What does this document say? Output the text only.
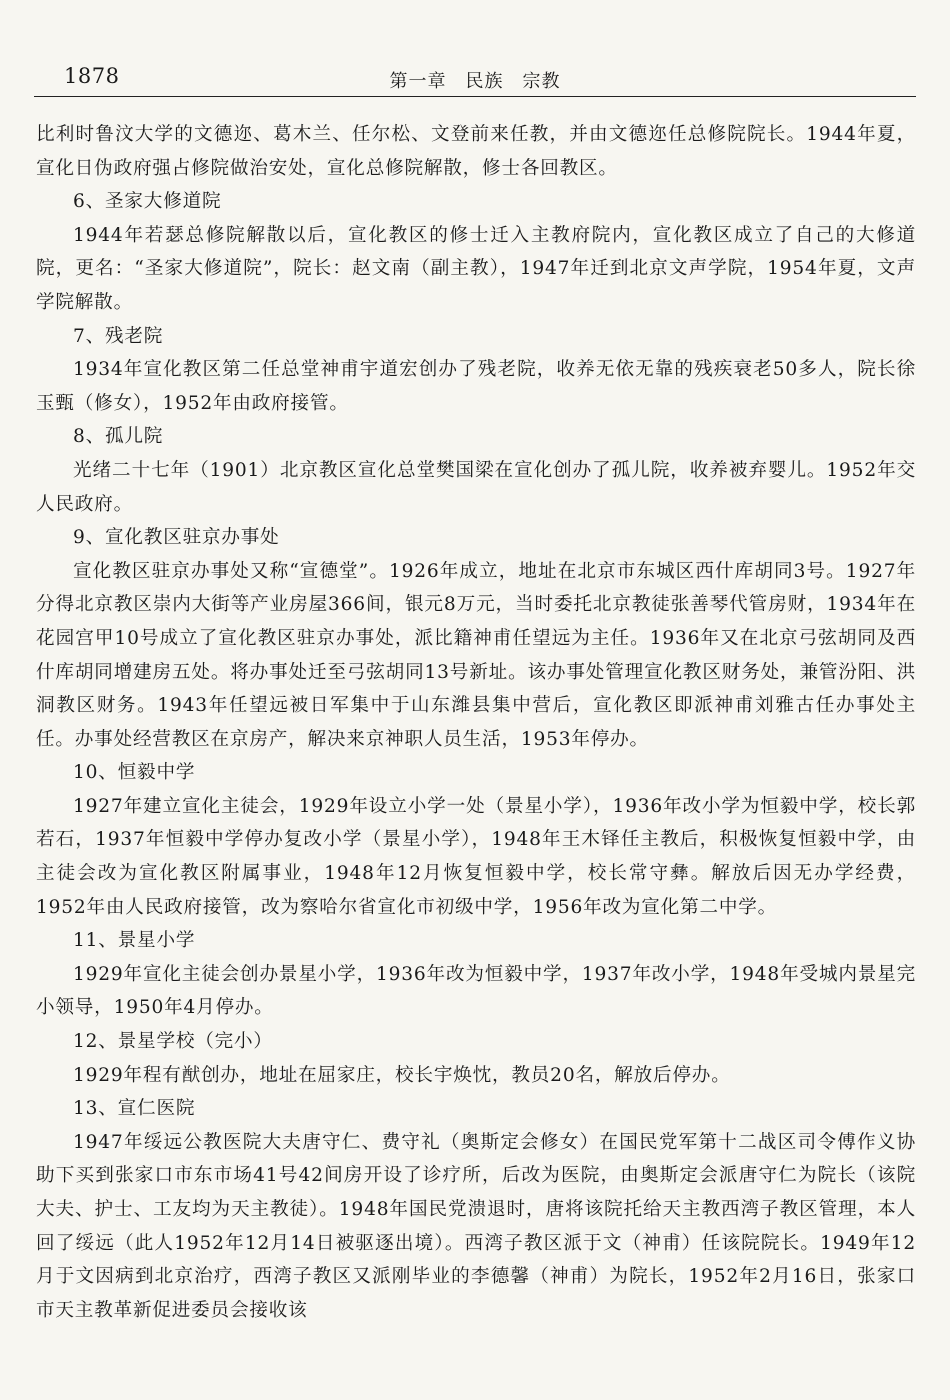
1878	第一章　民族　宗教

比利时鲁汶大学的文德迩、葛木兰、任尔松、文登前来任教，并由文德迩任总修院院长。1944年夏，宣化日伪政府强占修院做治安处，宣化总修院解散，修士各回教区。

6、圣家大修道院

1944年若瑟总修院解散以后，宣化教区的修士迁入主教府院内，宣化教区成立了自己的大修道院，更名：“圣家大修道院”，院长：赵文南（副主教），1947年迁到北京文声学院，1954年夏，文声学院解散。

7、残老院

1934年宣化教区第二任总堂神甫宇道宏创办了残老院，收养无依无靠的残疾衰老50多人，院长徐玉甄（修女），1952年由政府接管。

8、孤儿院

光绪二十七年（1901）北京教区宣化总堂樊国梁在宣化创办了孤儿院，收养被弃婴儿。1952年交人民政府。

9、宣化教区驻京办事处

宣化教区驻京办事处又称“宣德堂”。1926年成立，地址在北京市东城区西什库胡同3号。1927年分得北京教区崇内大街等产业房屋366间，银元8万元，当时委托北京教徒张善琴代管房财，1934年在花园宫甲10号成立了宣化教区驻京办事处，派比籍神甫任望远为主任。1936年又在北京弓弦胡同及西什库胡同增建房五处。将办事处迁至弓弦胡同13号新址。该办事处管理宣化教区财务处，兼管汾阳、洪洞教区财务。1943年任望远被日军集中于山东潍县集中营后，宣化教区即派神甫刘雅古任办事处主任。办事处经营教区在京房产，解决来京神职人员生活，1953年停办。

10、恒毅中学

1927年建立宣化主徒会，1929年设立小学一处（景星小学），1936年改小学为恒毅中学，校长郭若石，1937年恒毅中学停办复改小学（景星小学），1948年王木铎任主教后，积极恢复恒毅中学，由主徒会改为宣化教区附属事业，1948年12月恢复恒毅中学，校长常守彝。解放后因无办学经费，1952年由人民政府接管，改为察哈尔省宣化市初级中学，1956年改为宣化第二中学。

11、景星小学

1929年宣化主徒会创办景星小学，1936年改为恒毅中学，1937年改小学，1948年受城内景星完小领导，1950年4月停办。

12、景星学校（完小）

1929年程有猷创办，地址在屈家庄，校长宇焕忱，教员20名，解放后停办。

13、宣仁医院

1947年绥远公教医院大夫唐守仁、费守礼（奥斯定会修女）在国民党军第十二战区司令傅作义协助下买到张家口市东市场41号42间房开设了诊疗所，后改为医院，由奥斯定会派唐守仁为院长（该院大夫、护士、工友均为天主教徒）。1948年国民党溃退时，唐将该院托给天主教西湾子教区管理，本人回了绥远（此人1952年12月14日被驱逐出境）。西湾子教区派于文（神甫）任该院院长。1949年12月于文因病到北京治疗，西湾子教区又派刚毕业的李德馨（神甫）为院长，1952年2月16日，张家口市天主教革新促进委员会接收该
